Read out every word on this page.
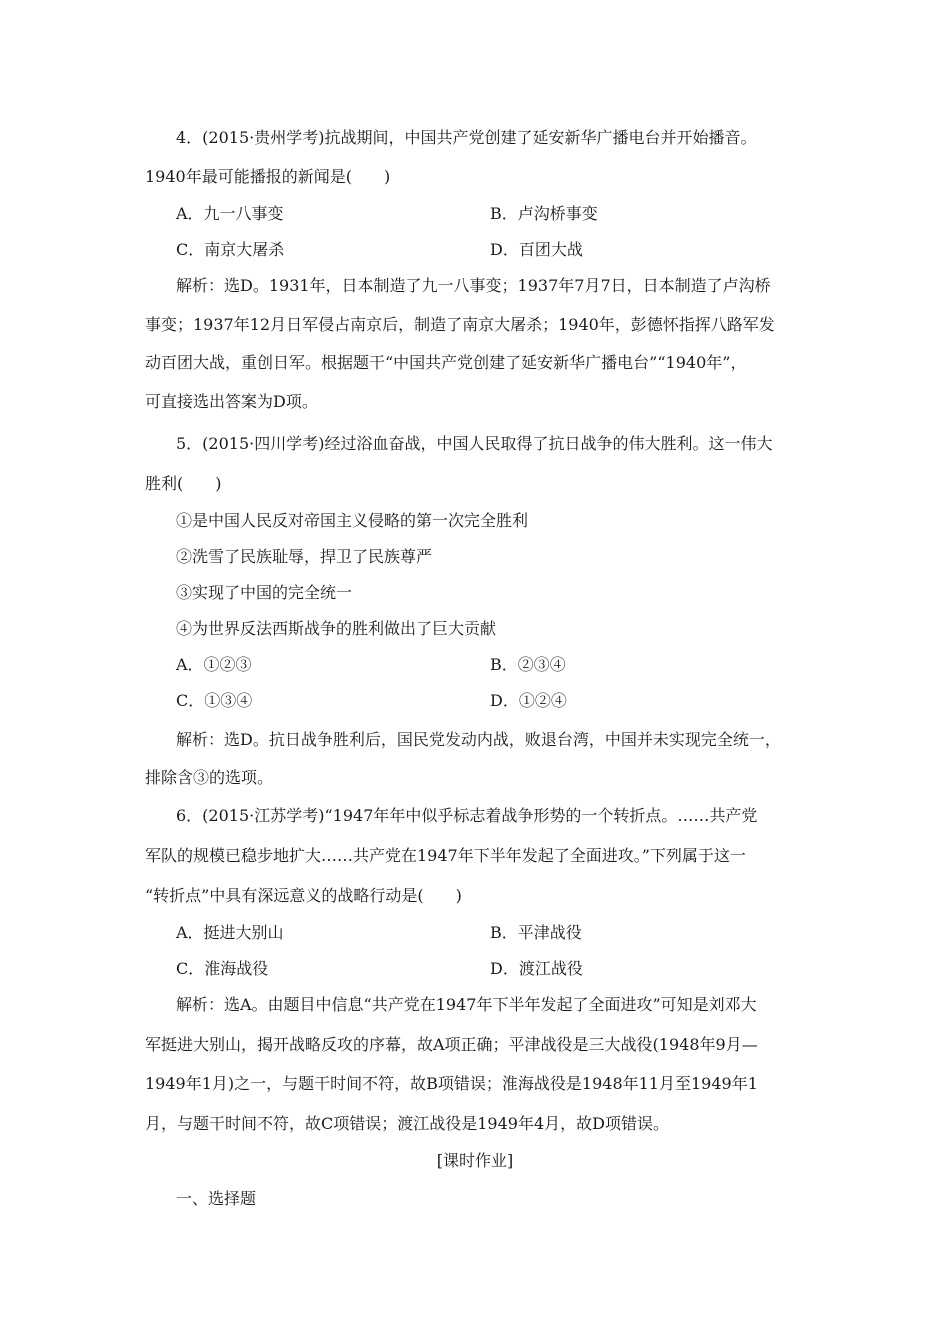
4．(2015·贵州学考)抗战期间，中国共产党创建了延安新华广播电台并开始播音。
1940年最可能播报的新闻是(　　)
A．九一八事变	B．卢沟桥事变
C．南京大屠杀	D．百团大战
解析：选D。1931年，日本制造了九一八事变；1937年7月7日，日本制造了卢沟桥
事变；1937年12月日军侵占南京后，制造了南京大屠杀；1940年，彭德怀指挥八路军发
动百团大战，重创日军。根据题干“中国共产党创建了延安新华广播电台”“1940年”，
可直接选出答案为D项。
5．(2015·四川学考)经过浴血奋战，中国人民取得了抗日战争的伟大胜利。这一伟大
胜利(　　)
①是中国人民反对帝国主义侵略的第一次完全胜利
②洗雪了民族耻辱，捍卫了民族尊严
③实现了中国的完全统一
④为世界反法西斯战争的胜利做出了巨大贡献
A．①②③	B．②③④
C．①③④	D．①②④
解析：选D。抗日战争胜利后，国民党发动内战，败退台湾，中国并未实现完全统一，
排除含③的选项。
6．(2015·江苏学考)“1947年年中似乎标志着战争形势的一个转折点。……共产党
军队的规模已稳步地扩大……共产党在1947年下半年发起了全面进攻。”下列属于这一
“转折点”中具有深远意义的战略行动是(　　)
A．挺进大别山	B．平津战役
C．淮海战役	D．渡江战役
解析：选A。由题目中信息“共产党在1947年下半年发起了全面进攻”可知是刘邓大
军挺进大别山，揭开战略反攻的序幕，故A项正确；平津战役是三大战役(1948年9月—
1949年1月)之一，与题干时间不符，故B项错误；淮海战役是1948年11月至1949年1
月，与题干时间不符，故C项错误；渡江战役是1949年4月，故D项错误。
[课时作业]
一、选择题
